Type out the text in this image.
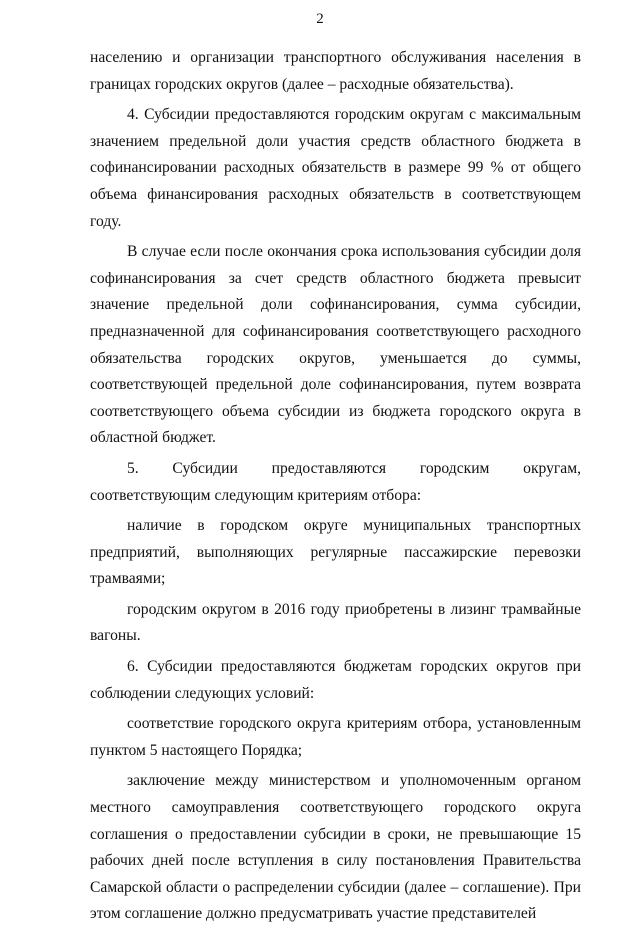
2

населению и организации транспортного обслуживания населения в границах городских округов (далее – расходные обязательства).

4. Субсидии предоставляются городским округам с максимальным значением предельной доли участия средств областного бюджета в софинансировании расходных обязательств в размере 99 % от общего объема финансирования расходных обязательств в соответствующем году.

В случае если после окончания срока использования субсидии доля софинансирования за счет средств областного бюджета превысит значение предельной доли софинансирования, сумма субсидии, предназначенной для софинансирования соответствующего расходного обязательства городских округов, уменьшается до суммы, соответствующей предельной доле софинансирования, путем возврата соответствующего объема субсидии из бюджета городского округа в областной бюджет.

5. Субсидии предоставляются городским округам, соответствующим следующим критериям отбора:

наличие в городском округе муниципальных транспортных предприятий, выполняющих регулярные пассажирские перевозки трамваями;

городским округом в 2016 году приобретены в лизинг трамвайные вагоны.

6. Субсидии предоставляются бюджетам городских округов при соблюдении следующих условий:

соответствие городского округа критериям отбора, установленным пунктом 5 настоящего Порядка;

заключение между министерством и уполномоченным органом местного самоуправления соответствующего городского округа соглашения о предоставлении субсидии в сроки, не превышающие 15 рабочих дней после вступления в силу постановления Правительства Самарской области о распределении субсидии (далее – соглашение). При этом соглашение должно предусматривать участие представителей
